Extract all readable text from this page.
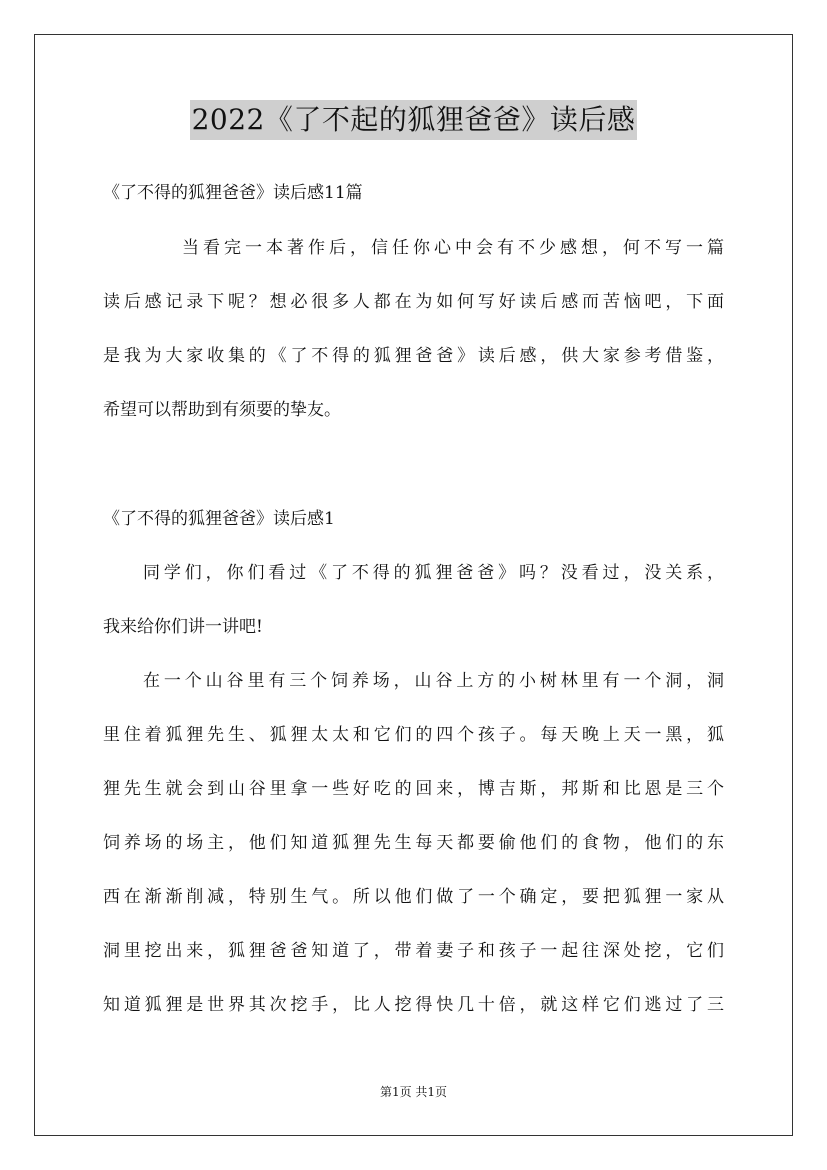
2022《了不起的狐狸爸爸》读后感
《了不得的狐狸爸爸》读后感11篇
当看完一本著作后，信任你心中会有不少感想，何不写一篇
读后感记录下呢？想必很多人都在为如何写好读后感而苦恼吧，下面
是我为大家收集的《了不得的狐狸爸爸》读后感，供大家参考借鉴，
希望可以帮助到有须要的挚友。
《了不得的狐狸爸爸》读后感1
同学们，你们看过《了不得的狐狸爸爸》吗？没看过，没关系，
我来给你们讲一讲吧!
在一个山谷里有三个饲养场，山谷上方的小树林里有一个洞，洞
里住着狐狸先生、狐狸太太和它们的四个孩子。每天晚上天一黑，狐
狸先生就会到山谷里拿一些好吃的回来，博吉斯，邦斯和比恩是三个
饲养场的场主，他们知道狐狸先生每天都要偷他们的食物，他们的东
西在渐渐削减，特别生气。所以他们做了一个确定，要把狐狸一家从
洞里挖出来，狐狸爸爸知道了，带着妻子和孩子一起往深处挖，它们
知道狐狸是世界其次挖手，比人挖得快几十倍，就这样它们逃过了三
第1页 共1页
